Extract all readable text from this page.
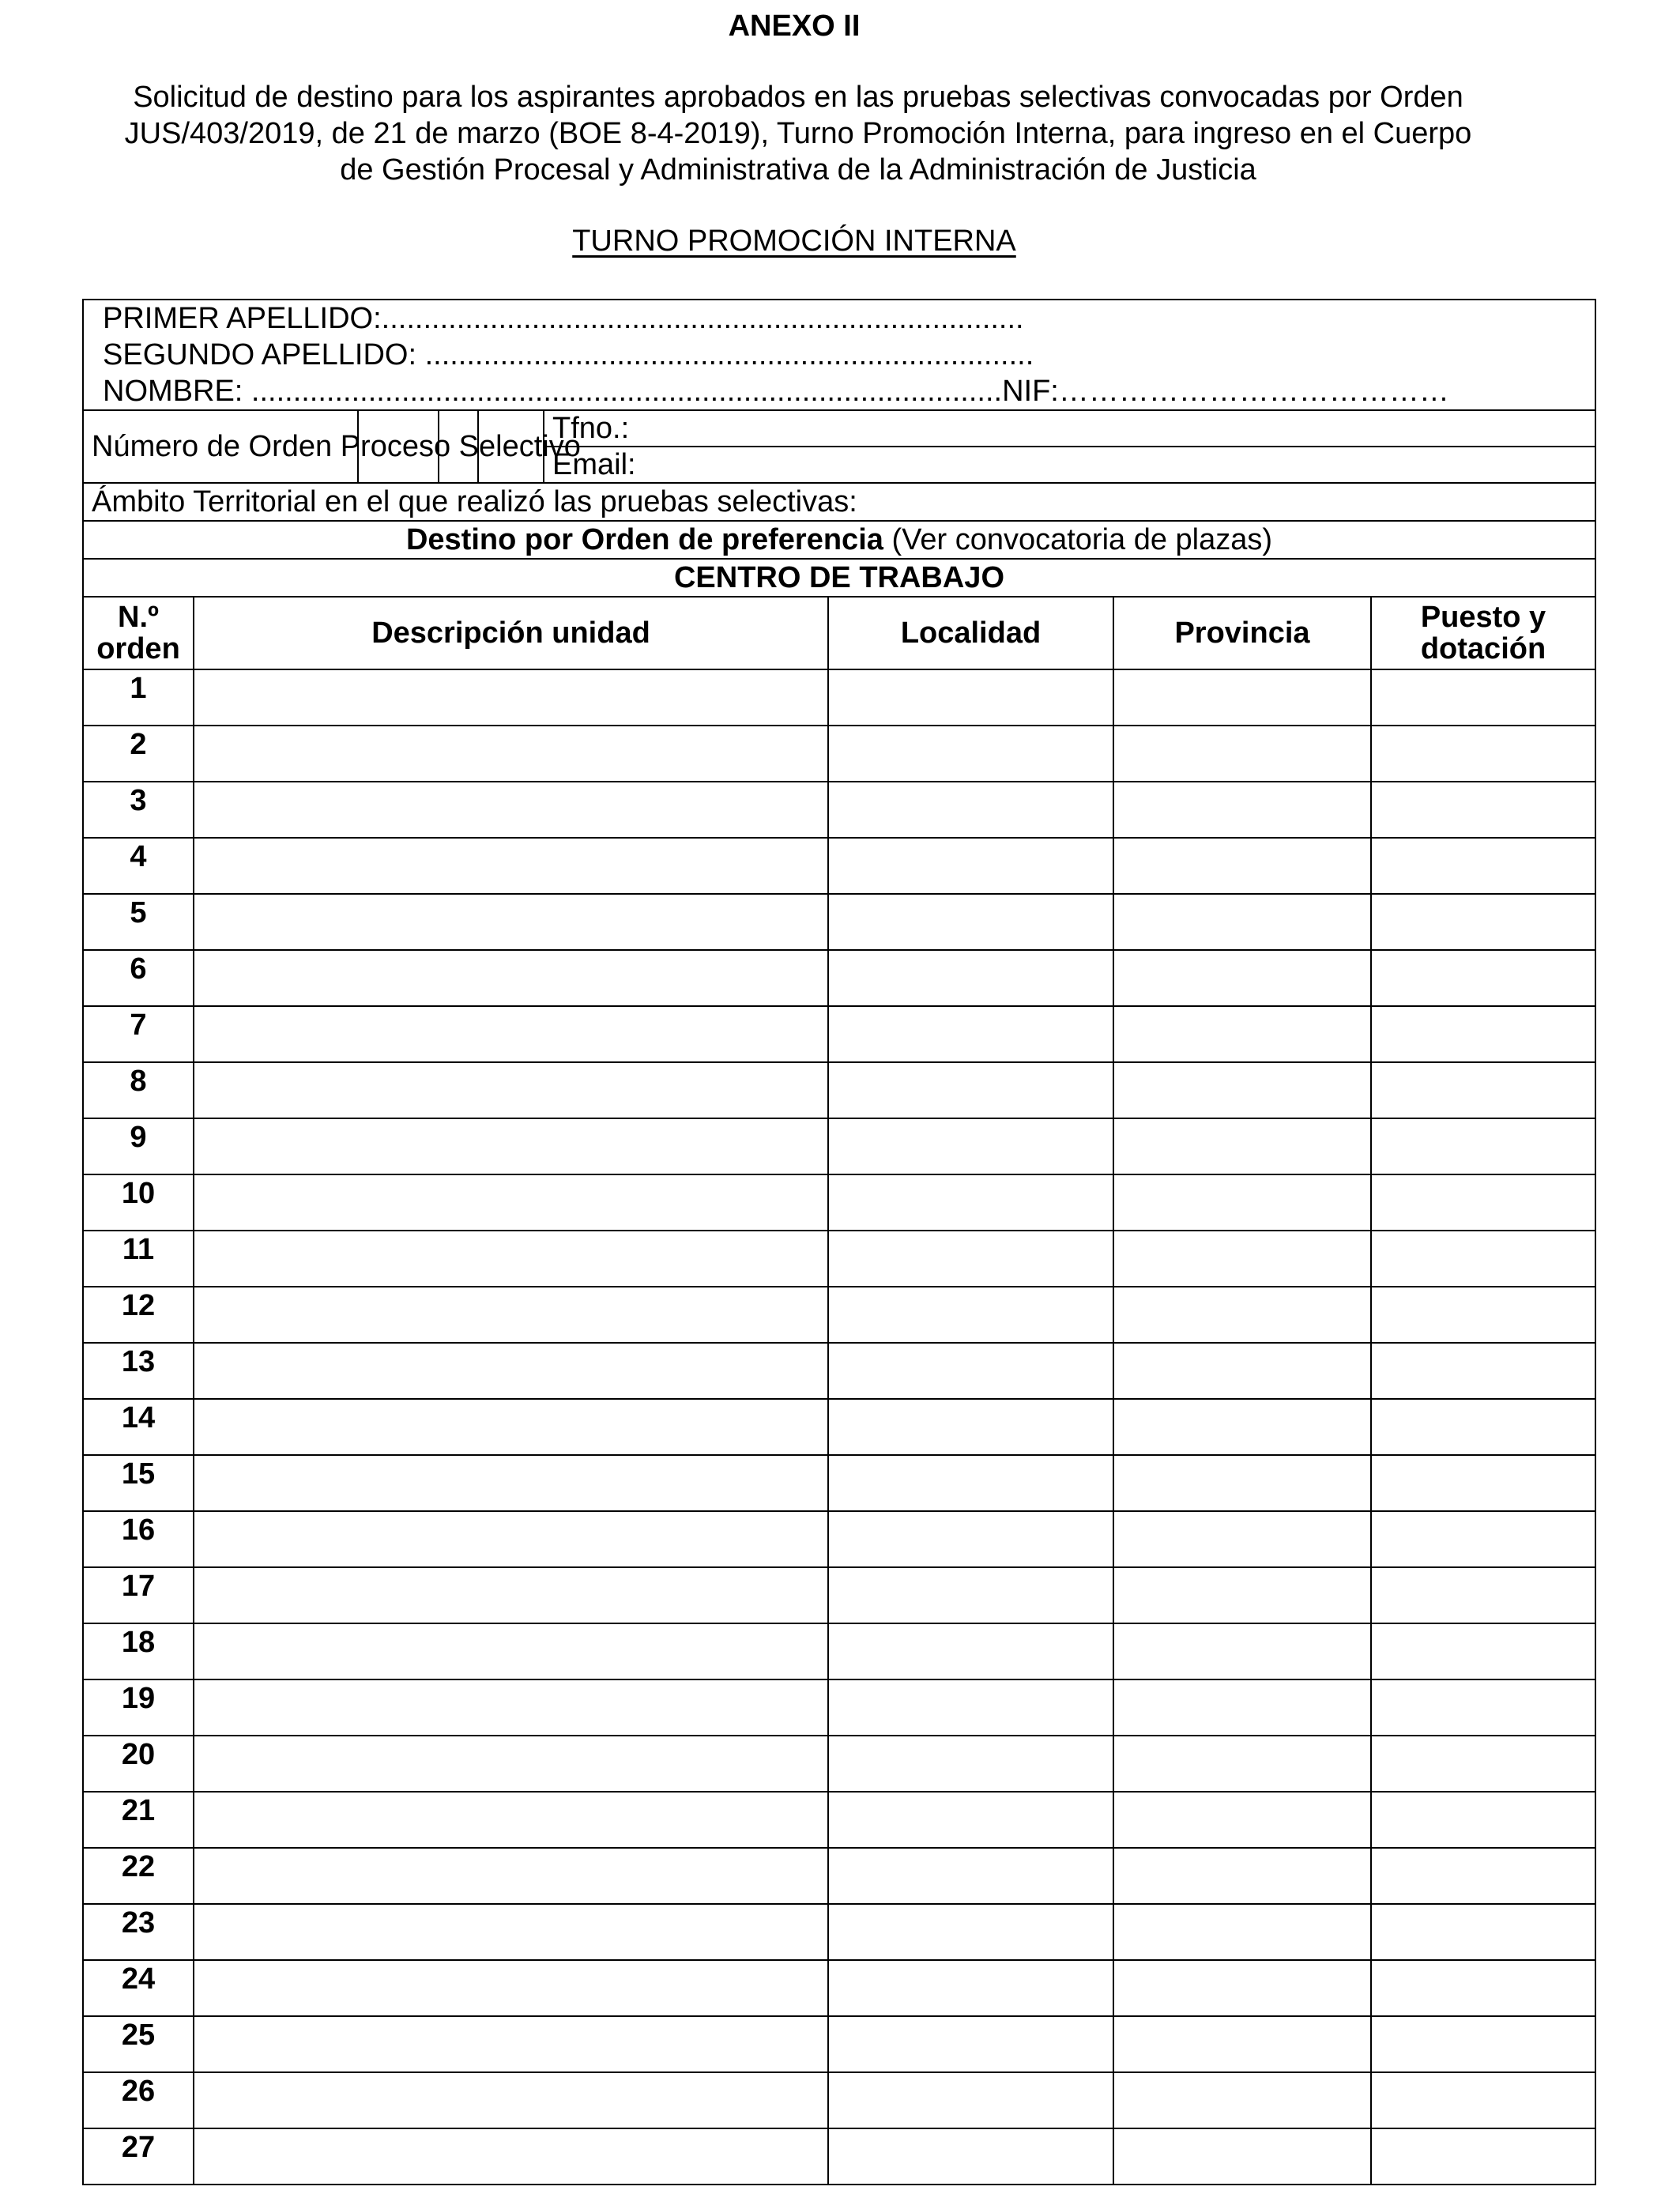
ANEXO II
Solicitud de destino para los aspirantes aprobados en las pruebas selectivas convocadas por Orden
JUS/403/2019, de 21 de marzo (BOE 8-4-2019), Turno Promoción Interna, para ingreso en el Cuerpo
de Gestión Procesal y Administrativa de la Administración de Justicia
TURNO PROMOCIÓN INTERNA
PRIMER APELLIDO:.............................................................................
SEGUNDO APELLIDO: .........................................................................
NOMBRE: ..........................................................................................NIF:…………………………………								

Número de Orden Proceso Selectivo					Tfno.:			
					Email:			
Ámbito Territorial en el que realizó las pruebas selectivas:								
Destino por Orden de preferencia (Ver convocatoria de plazas)								
CENTRO DE TRABAJO								
N.º orden	Descripción unidad					Localidad	Provincia	Puesto y dotación
1								
2								
3								
4								
5								
6								
7								
8								
9								
10								
11								
12								
13								
14								
15								
16								
17								
18								
19								
20								
21								
22								
23								
24								
25								
26								
27								
